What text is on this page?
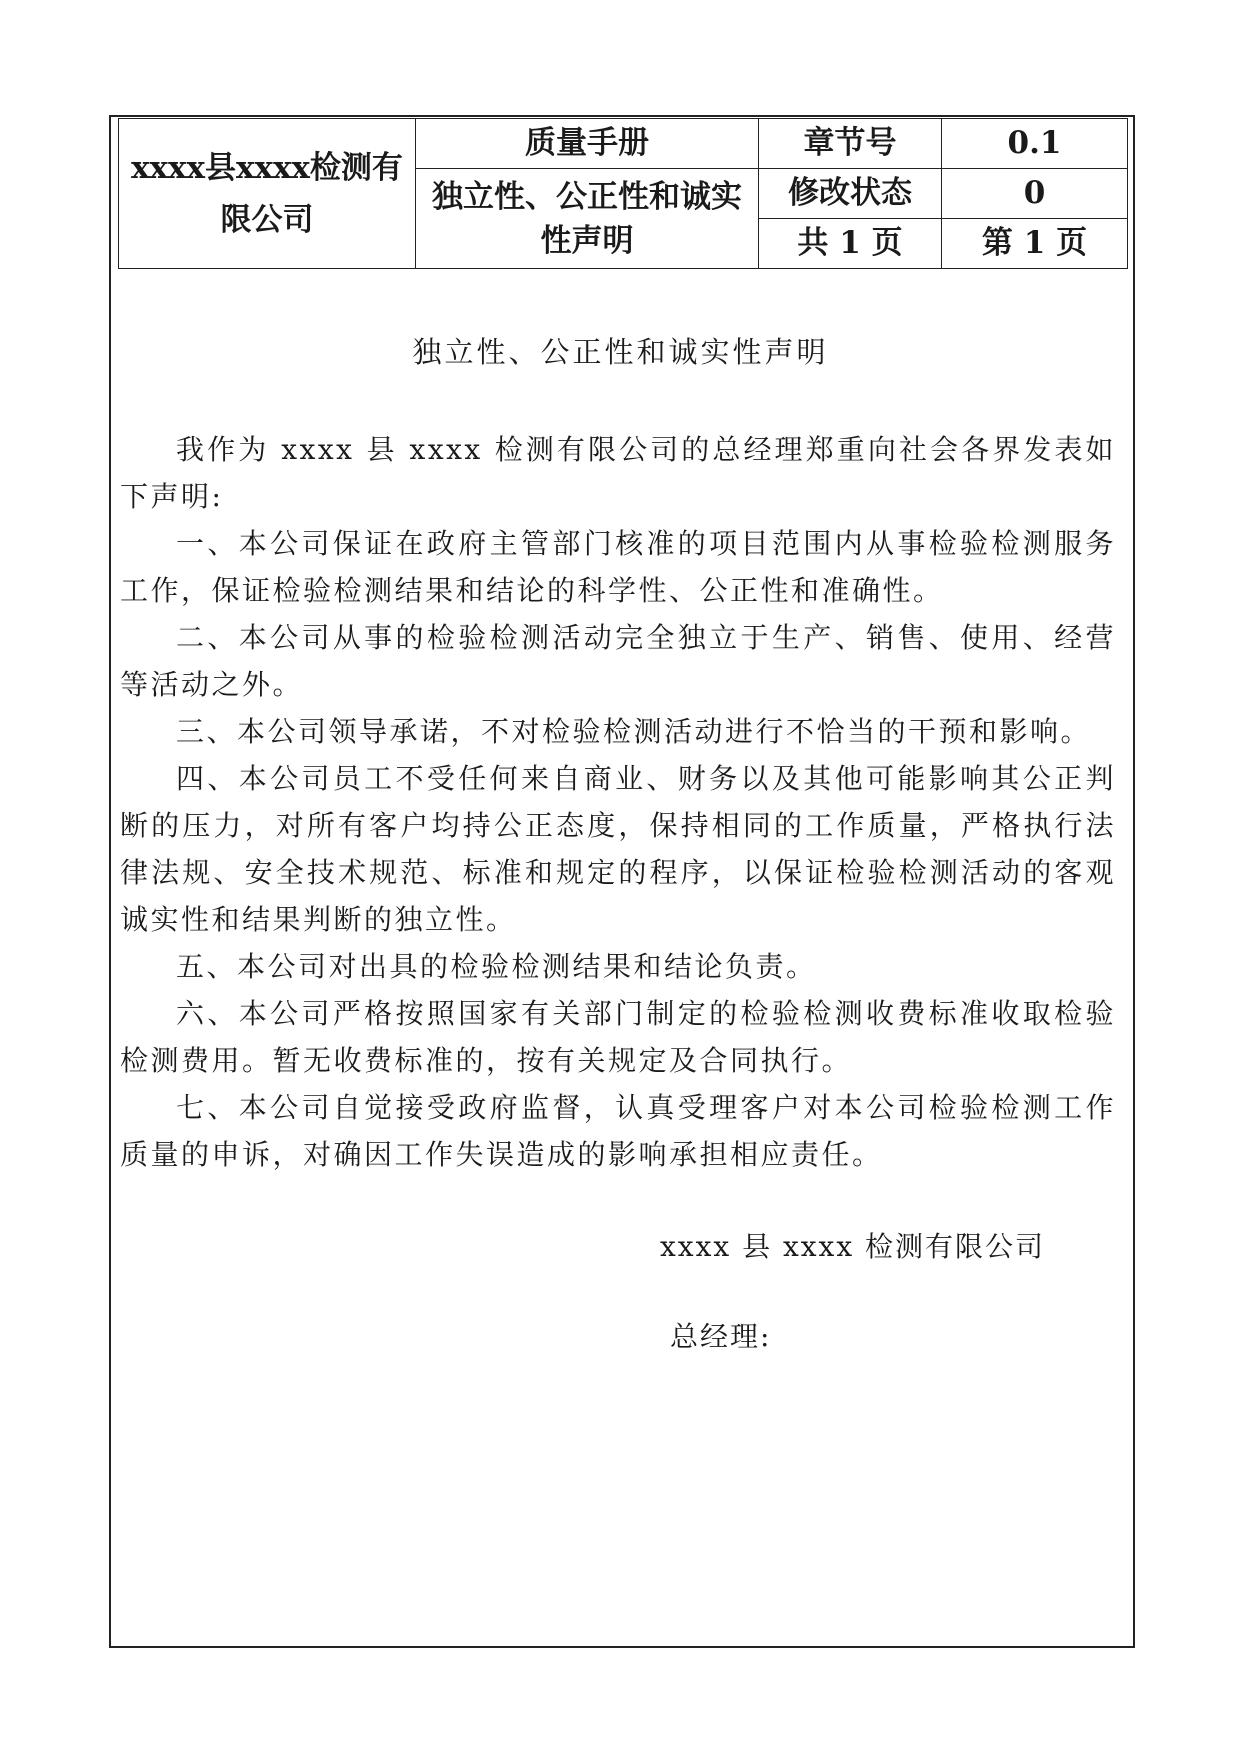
xxxx县xxxx检测有限公司	质量手册	章节号	0.1
	独立性、公正性和诚实性声明	修改状态	0
		共 1 页	第 1 页
独立性、公正性和诚实性声明

我作为 xxxx 县 xxxx 检测有限公司的总经理郑重向社会各界发表如下声明:

一、本公司保证在政府主管部门核准的项目范围内从事检验检测服务工作，保证检验检测结果和结论的科学性、公正性和准确性。

二、本公司从事的检验检测活动完全独立于生产、销售、使用、经营等活动之外。

三、本公司领导承诺，不对检验检测活动进行不恰当的干预和影响。

四、本公司员工不受任何来自商业、财务以及其他可能影响其公正判断的压力，对所有客户均持公正态度，保持相同的工作质量，严格执行法律法规、安全技术规范、标准和规定的程序，以保证检验检测活动的客观诚实性和结果判断的独立性。

五、本公司对出具的检验检测结果和结论负责。

六、本公司严格按照国家有关部门制定的检验检测收费标准收取检验检测费用。暂无收费标准的，按有关规定及合同执行。

七、本公司自觉接受政府监督，认真受理客户对本公司检验检测工作质量的申诉，对确因工作失误造成的影响承担相应责任。

xxxx 县 xxxx 检测有限公司
总经理:
